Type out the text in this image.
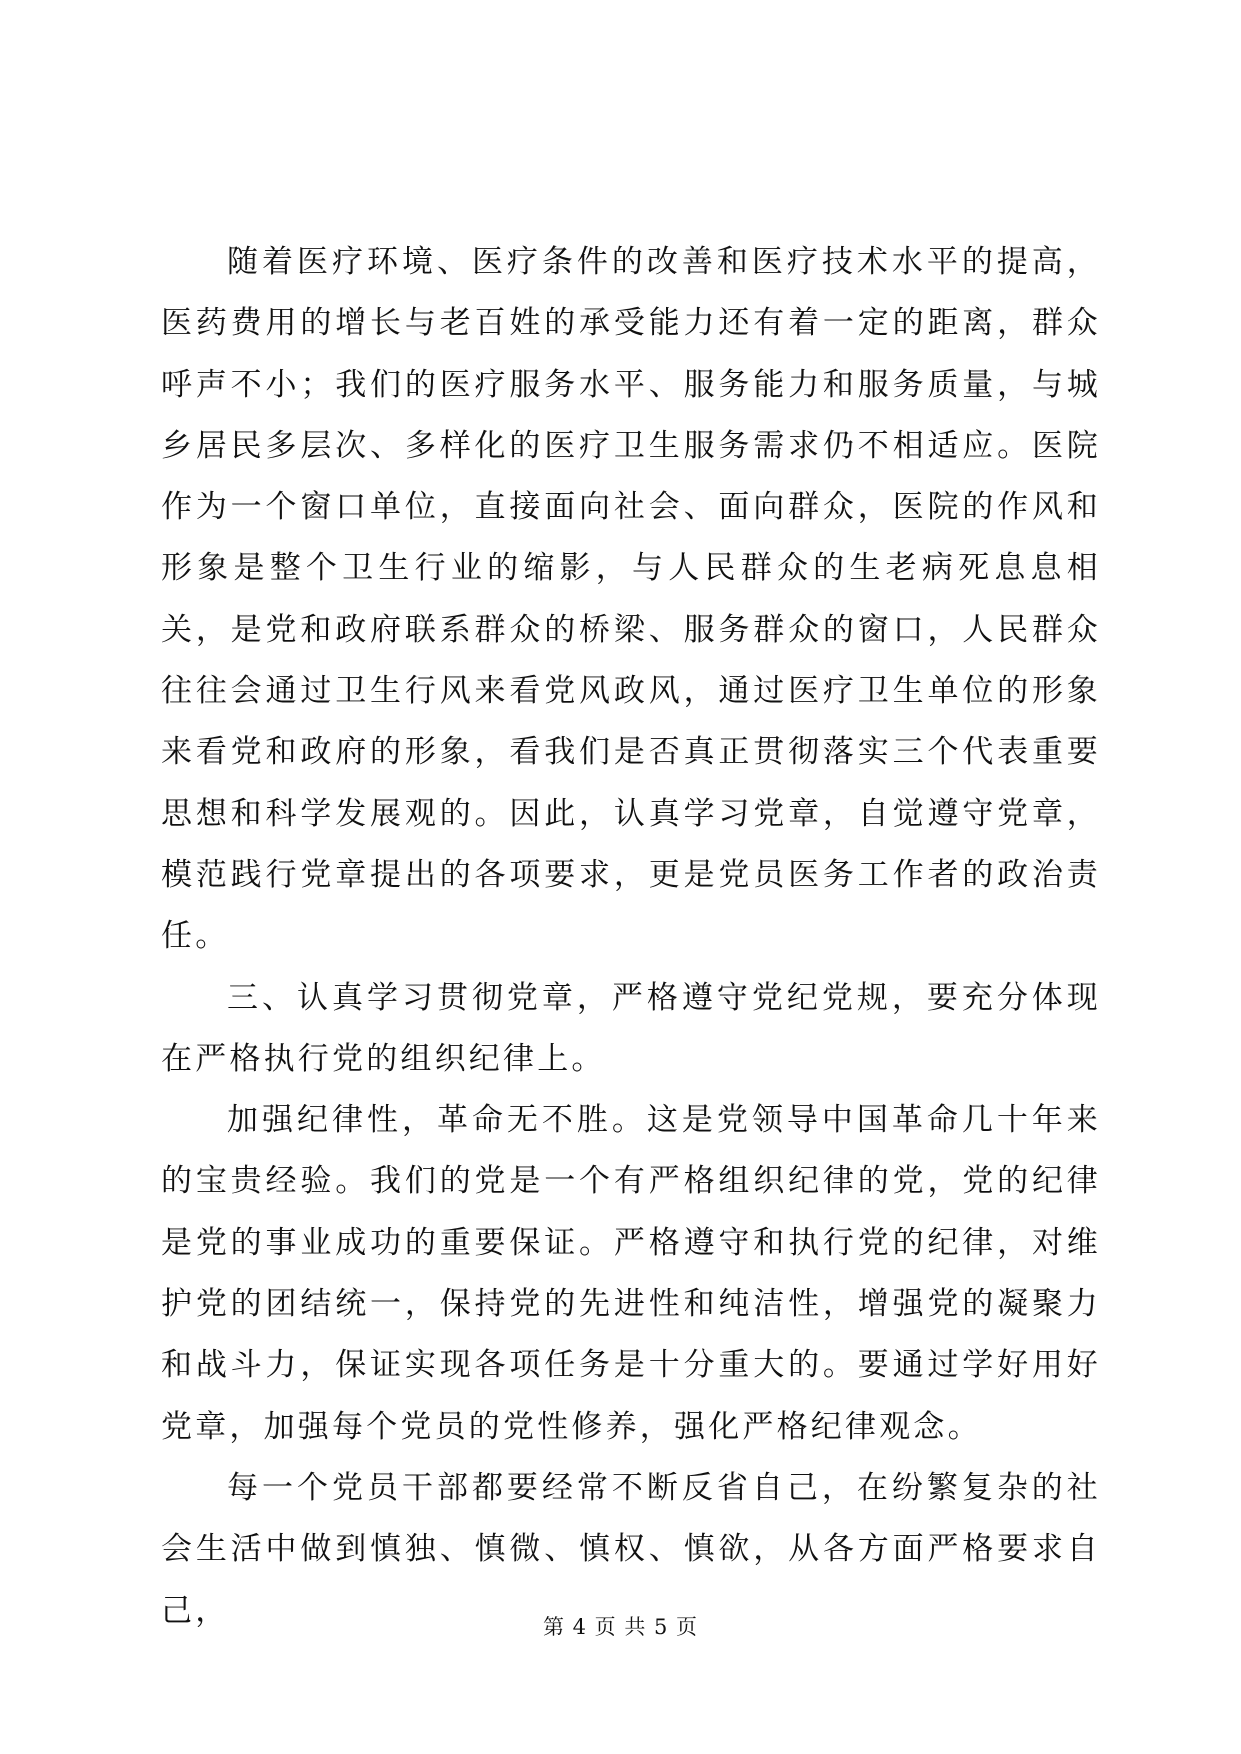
随着医疗环境、医疗条件的改善和医疗技术水平的提高，医药费用的增长与老百姓的承受能力还有着一定的距离，群众呼声不小；我们的医疗服务水平、服务能力和服务质量，与城乡居民多层次、多样化的医疗卫生服务需求仍不相适应。医院作为一个窗口单位，直接面向社会、面向群众，医院的作风和形象是整个卫生行业的缩影，与人民群众的生老病死息息相关，是党和政府联系群众的桥梁、服务群众的窗口，人民群众往往会通过卫生行风来看党风政风，通过医疗卫生单位的形象来看党和政府的形象，看我们是否真正贯彻落实三个代表重要思想和科学发展观的。因此，认真学习党章，自觉遵守党章，模范践行党章提出的各项要求，更是党员医务工作者的政治责任。

三、认真学习贯彻党章，严格遵守党纪党规，要充分体现在严格执行党的组织纪律上。

加强纪律性，革命无不胜。这是党领导中国革命几十年来的宝贵经验。我们的党是一个有严格组织纪律的党，党的纪律是党的事业成功的重要保证。严格遵守和执行党的纪律，对维护党的团结统一，保持党的先进性和纯洁性，增强党的凝聚力和战斗力，保证实现各项任务是十分重大的。要通过学好用好党章，加强每个党员的党性修养，强化严格纪律观念。

每一个党员干部都要经常不断反省自己，在纷繁复杂的社会生活中做到慎独、慎微、慎权、慎欲，从各方面严格要求自己，	第 4 页 共 5 页
